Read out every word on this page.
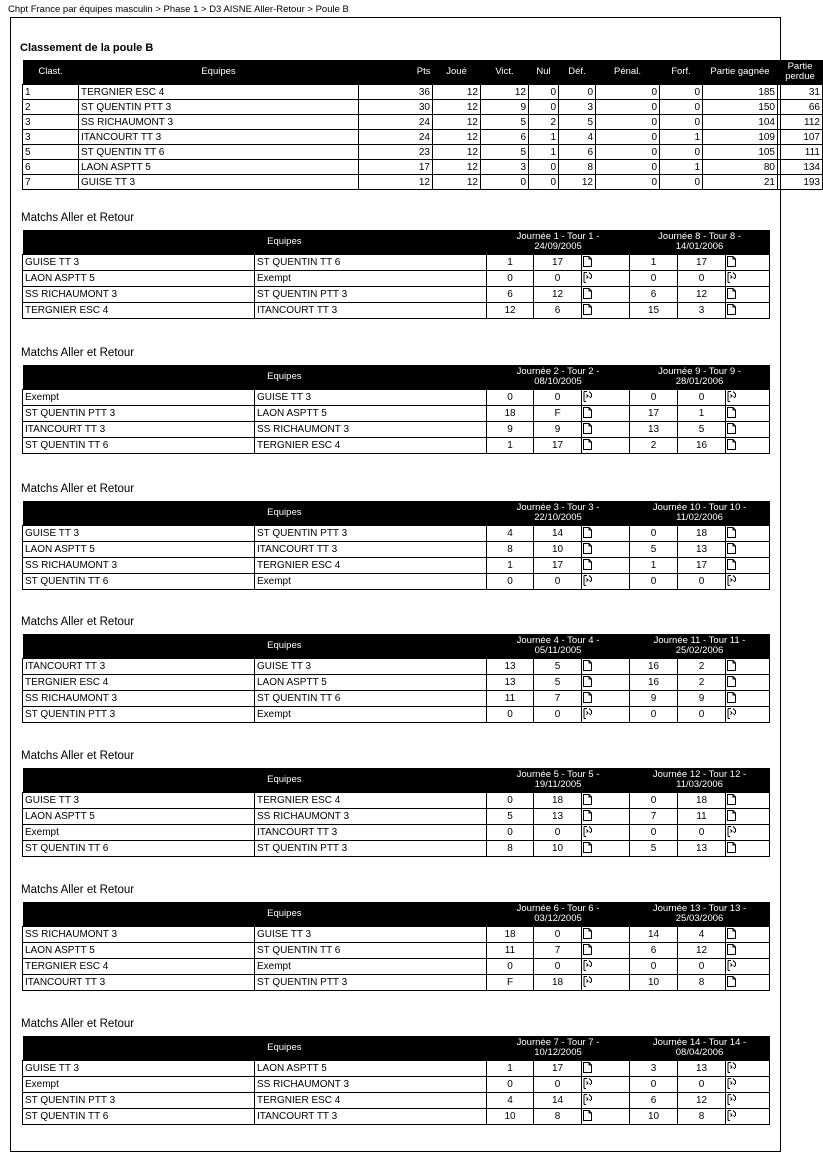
Chpt France par équipes masculin > Phase 1 > D3 AISNE Aller-Retour > Poule B
Classement de la poule B
Clast.	Equipes	Pts	Joué	Vict.	Nul	Déf.	Pénal.	Forf.	Partie gagnée	Partie perdue
1	TERGNIER ESC 4	36	12	12	0	0	0	0	185	31
2	ST QUENTIN PTT 3	30	12	9	0	3	0	0	150	66
3	SS RICHAUMONT 3	24	12	5	2	5	0	0	104	112
3	ITANCOURT TT 3	24	12	6	1	4	0	1	109	107
5	ST QUENTIN TT 6	23	12	5	1	6	0	0	105	111
6	LAON ASPTT 5	17	12	3	0	8	0	1	80	134
7	GUISE TT 3	12	12	0	0	12	0	0	21	193
Matchs Aller et Retour
Equipes		Journée 1 - Tour 1 - 24/09/2005			Journée 8 - Tour 8 - 14/01/2006		
GUISE TT 3	ST QUENTIN TT 6	1	17		1	17	
LAON ASPTT 5	Exempt	0	0		0	0	
SS RICHAUMONT 3	ST QUENTIN PTT 3	6	12		6	12	
TERGNIER ESC 4	ITANCOURT TT 3	12	6		15	3	
Matchs Aller et Retour
Equipes		Journée 2 - Tour 2 - 08/10/2005			Journée 9 - Tour 9 - 28/01/2006		
Exempt	GUISE TT 3	0	0		0	0	
ST QUENTIN PTT 3	LAON ASPTT 5	18	F		17	1	
ITANCOURT TT 3	SS RICHAUMONT 3	9	9		13	5	
ST QUENTIN TT 6	TERGNIER ESC 4	1	17		2	16	
Matchs Aller et Retour
Equipes		Journée 3 - Tour 3 - 22/10/2005			Journée 10 - Tour 10 - 11/02/2006		
GUISE TT 3	ST QUENTIN PTT 3	4	14		0	18	
LAON ASPTT 5	ITANCOURT TT 3	8	10		5	13	
SS RICHAUMONT 3	TERGNIER ESC 4	1	17		1	17	
ST QUENTIN TT 6	Exempt	0	0		0	0	
Matchs Aller et Retour
Equipes		Journée 4 - Tour 4 - 05/11/2005			Journée 11 - Tour 11 - 25/02/2006		
ITANCOURT TT 3	GUISE TT 3	13	5		16	2	
TERGNIER ESC 4	LAON ASPTT 5	13	5		16	2	
SS RICHAUMONT 3	ST QUENTIN TT 6	11	7		9	9	
ST QUENTIN PTT 3	Exempt	0	0		0	0	
Matchs Aller et Retour
Equipes		Journée 5 - Tour 5 - 19/11/2005			Journée 12 - Tour 12 - 11/03/2006		
GUISE TT 3	TERGNIER ESC 4	0	18		0	18	
LAON ASPTT 5	SS RICHAUMONT 3	5	13		7	11	
Exempt	ITANCOURT TT 3	0	0		0	0	
ST QUENTIN TT 6	ST QUENTIN PTT 3	8	10		5	13	
Matchs Aller et Retour
Equipes		Journée 6 - Tour 6 - 03/12/2005			Journée 13 - Tour 13 - 25/03/2006		
SS RICHAUMONT 3	GUISE TT 3	18	0		14	4	
LAON ASPTT 5	ST QUENTIN TT 6	11	7		6	12	
TERGNIER ESC 4	Exempt	0	0		0	0	
ITANCOURT TT 3	ST QUENTIN PTT 3	F	18		10	8	
Matchs Aller et Retour
Equipes		Journée 7 - Tour 7 - 10/12/2005			Journée 14 - Tour 14 - 08/04/2006		
GUISE TT 3	LAON ASPTT 5	1	17		3	13	
Exempt	SS RICHAUMONT 3	0	0		0	0	
ST QUENTIN PTT 3	TERGNIER ESC 4	4	14		6	12	
ST QUENTIN TT 6	ITANCOURT TT 3	10	8		10	8	
